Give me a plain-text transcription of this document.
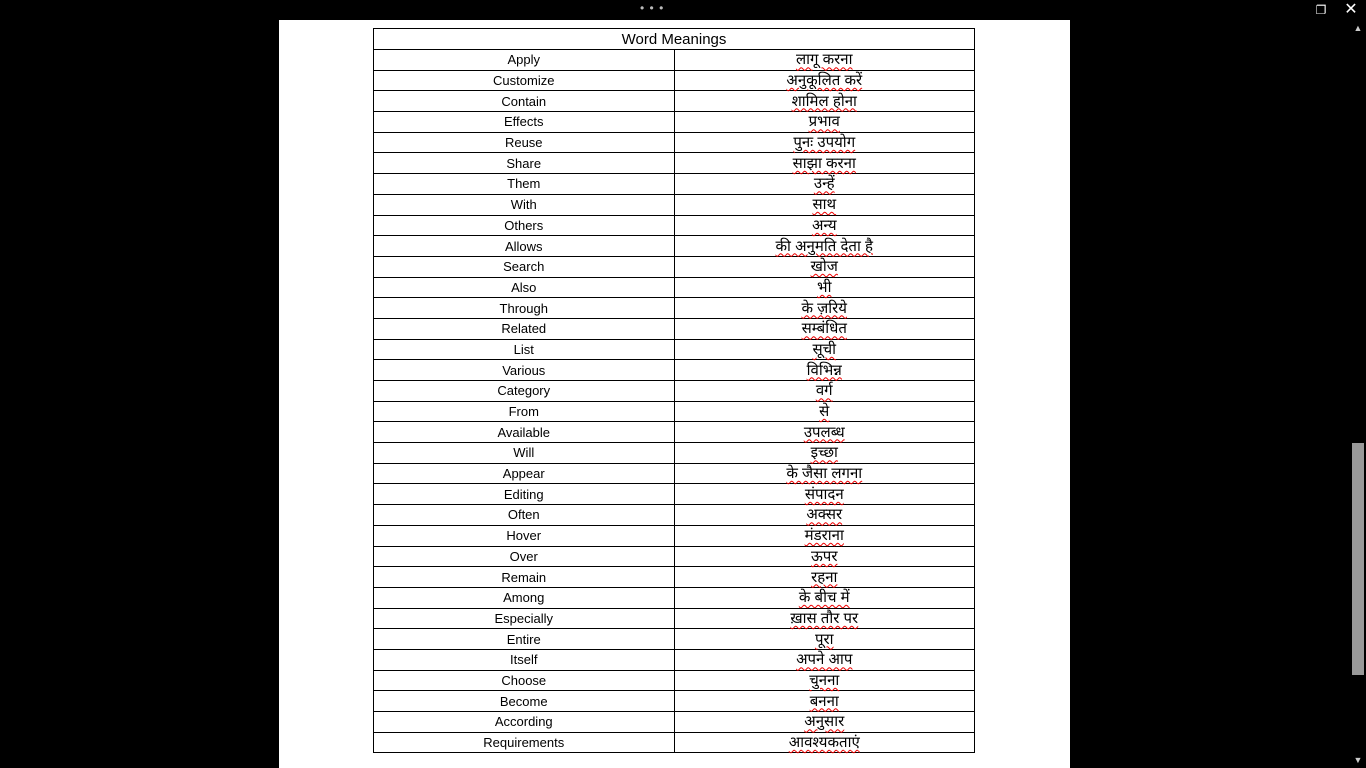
• • •	❐ ✕
Word Meanings	
Apply	लागू करना
Customize	अनुकूलित करें
Contain	शामिल होना
Effects	प्रभाव
Reuse	पुनः उपयोग
Share	साझा करना
Them	उन्हें
With	साथ
Others	अन्य
Allows	की अनुमति देता है
Search	खोज
Also	भी
Through	के ज़रिये
Related	सम्बंधित
List	सूची
Various	विभिन्न
Category	वर्ग
From	से
Available	उपलब्ध
Will	इच्छा
Appear	के जैसा लगना
Editing	संपादन
Often	अक्सर
Hover	मंडराना
Over	ऊपर
Remain	रहना
Among	के बीच में
Especially	ख़ास तौर पर
Entire	पूरा
Itself	अपने आप
Choose	चुनना
Become	बनना
According	अनुसार
Requirements	आवश्यकताएं
▲
▼
